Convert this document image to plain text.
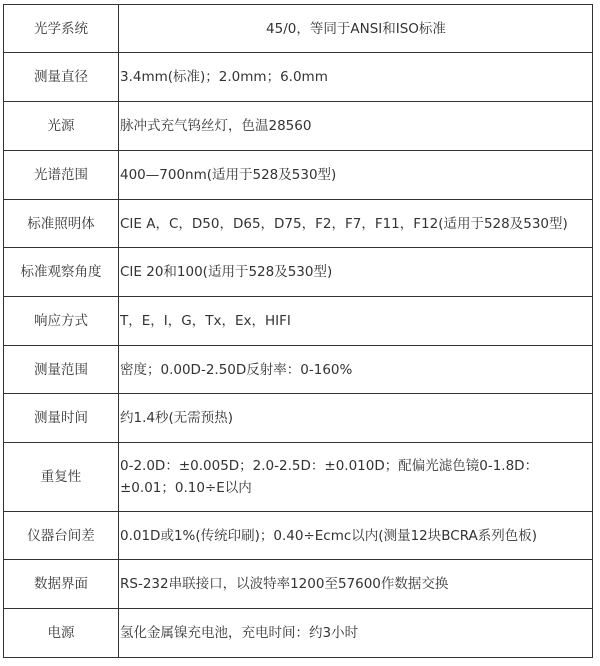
光学系统	45/0，等同于ANSI和ISO标准
测量直径	3.4mm(标准)；2.0mm；6.0mm
光源	脉冲式充气钨丝灯，色温28560
光谱范围	400—700nm(适用于528及530型)
标准照明体	CIE A，C，D50，D65，D75，F2，F7，F11，F12(适用于528及530型)
标准观察角度	CIE 20和100(适用于528及530型)
响应方式	T，E，I，G，Tx，Ex，HIFI
测量范围	密度；0.00D-2.50D反射率：0-160%
测量时间	约1.4秒(无需预热)
重复性	0-2.0D：±0.005D；2.0-2.5D：±0.010D；配偏光滤色镜0-1.8D：±0.01；0.10÷E以内
仪器台间差	0.01D或1%(传统印刷)；0.40÷Ecmc以内(测量12块BCRA系列色板)
数据界面	RS-232串联接口，以波特率1200至57600作数据交换
电源	氢化金属镍充电池，充电时间：约3小时
